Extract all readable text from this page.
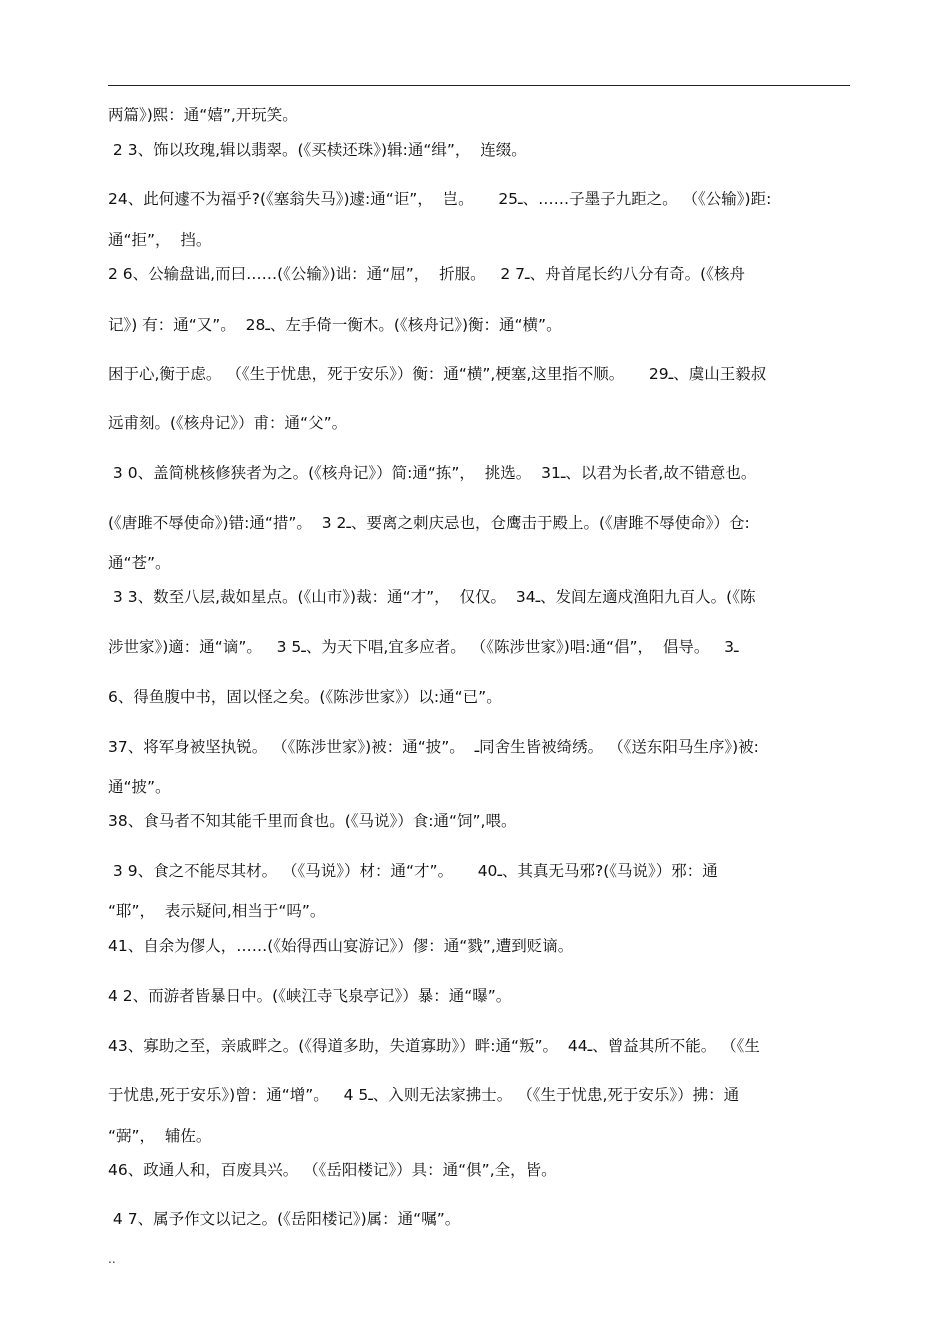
两篇》)熙：通“嬉”,开玩笑。
2 3、饰以玫瑰,辑以翡翠。(《买椟还珠》)辑:通“缉”，  连缀。
24、此何遽不为福乎?(《塞翁失马》)遽:通“讵”，  岂。     25ـ、……子墨子九距之。 （《公输》)距:
通“拒”，  挡。
2 6、公输盘诎,而曰……(《公输》)诎：通“屈”，  折服。   2 7ـ、舟首尾长约八分有奇。(《核舟
记》) 有：通“又”。  28ـ、左手倚一衡木。(《核舟记》)衡：通“横”。
困于心,衡于虑。 （《生于忧患，死于安乐》）衡：通“横”,梗塞,这里指不顺。     29ـ、虞山王毅叔
远甫刻。(《核舟记》）甫：通“父”。
3 0、盖简桃核修狭者为之。(《核舟记》）简:通“拣”，  挑选。  31ـ、以君为长者,故不错意也。
(《唐雎不辱使命》)错:通“措”。  3 2ـ、要离之刺庆忌也，仓鹰击于殿上。(《唐雎不辱使命》）仓:
通“苍”。
3 3、数至八层,裁如星点。(《山市》)裁：通“才”，  仅仅。  34ـ、发闾左適戍渔阳九百人。(《陈
涉世家》)適：通“谪”。   3 5ـ、为天下唱,宜多应者。 （《陈涉世家》)唱:通“倡”，  倡导。   3ـ
6、得鱼腹中书，固以怪之矣。(《陈涉世家》）以:通“已”。
37、将军身被坚执锐。 （《陈涉世家》)被：通“披”。  ـ同舍生皆被绮绣。 （《送东阳马生序》)被:
通“披”。
38、食马者不知其能千里而食也。(《马说》）食:通“饲”,喂。
3 9、食之不能尽其材。 （《马说》）材：通“才”。     40ـ、其真无马邪?(《马说》）邪：通
“耶”，  表示疑问,相当于“吗”。
41、自余为僇人，……(《始得西山宴游记》）僇：通“戮”,遭到贬谪。
4 2、而游者皆暴日中。(《峡江寺飞泉亭记》）暴：通“曝”。
43、寡助之至，亲戚畔之。(《得道多助，失道寡助》）畔:通“叛”。  44ـ、曾益其所不能。 （《生
于忧患,死于安乐》)曾：通“增”。   4 5ـ、入则无法家拂士。 （《生于忧患,死于安乐》）拂：通
“弼”，  辅佐。
46、政通人和，百废具兴。 （《岳阳楼记》）具：通“俱”,全，皆。
4 7、属予作文以记之。(《岳阳楼记》)属：通“嘱”。
..
